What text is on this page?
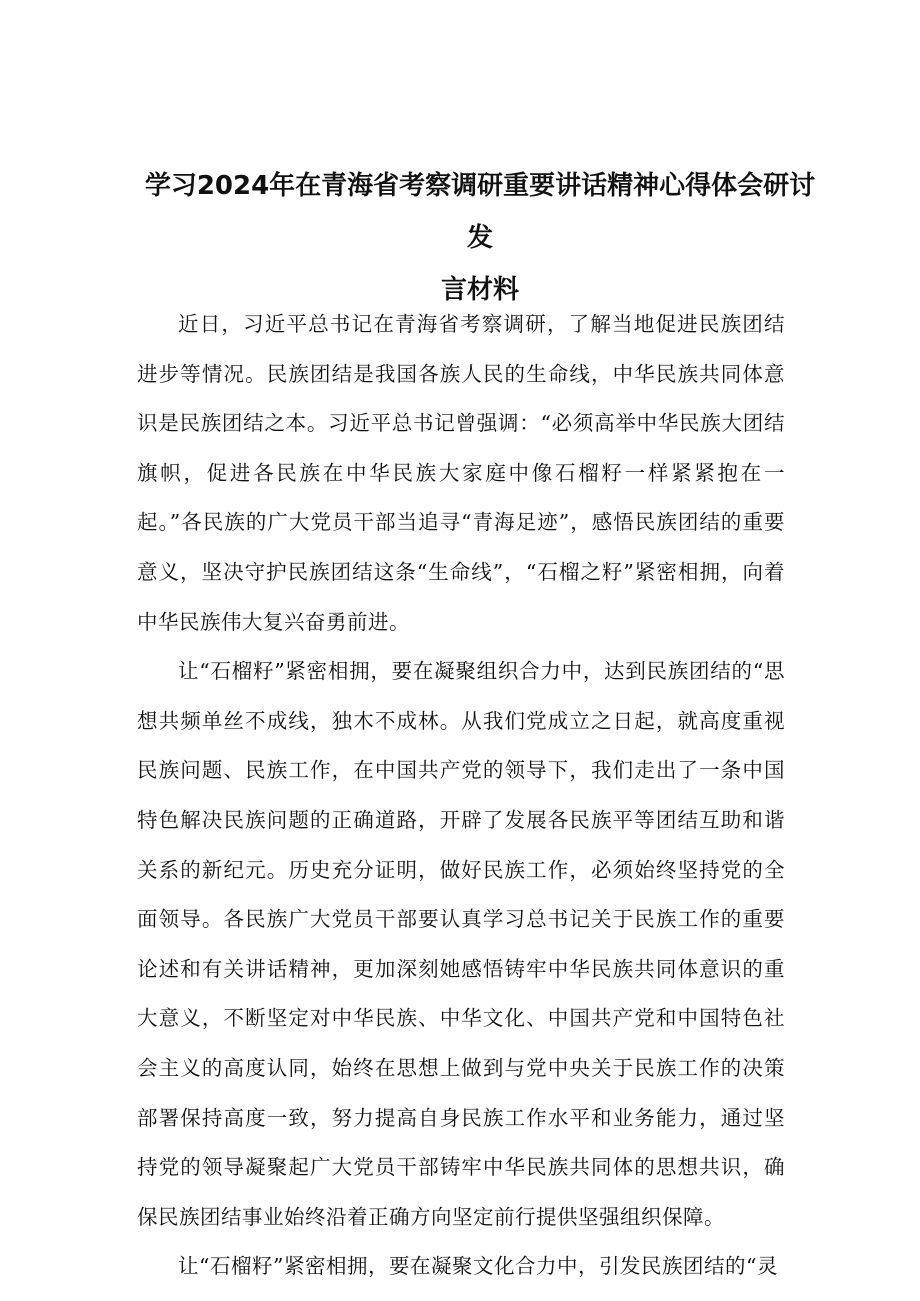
学习2024年在青海省考察调研重要讲话精神心得体会研讨发
言材料

近日，习近平总书记在青海省考察调研，了解当地促进民族团结进步等情况。民族团结是我国各族人民的生命线，中华民族共同体意识是民族团结之本。习近平总书记曾强调：“必须高举中华民族大团结旗帜，促进各民族在中华民族大家庭中像石榴籽一样紧紧抱在一起。”各民族的广大党员干部当追寻“青海足迹”，感悟民族团结的重要意义，坚决守护民族团结这条“生命线”，“石榴之籽”紧密相拥，向着中华民族伟大复兴奋勇前进。

让“石榴籽”紧密相拥，要在凝聚组织合力中，达到民族团结的“思想共频单丝不成线，独木不成林。从我们党成立之日起，就高度重视民族问题、民族工作，在中国共产党的领导下，我们走出了一条中国特色解决民族问题的正确道路，开辟了发展各民族平等团结互助和谐关系的新纪元。历史充分证明，做好民族工作，必须始终坚持党的全面领导。各民族广大党员干部要认真学习总书记关于民族工作的重要论述和有关讲话精神，更加深刻她感悟铸牢中华民族共同体意识的重大意义，不断坚定对中华民族、中华文化、中国共产党和中国特色社会主义的高度认同，始终在思想上做到与党中央关于民族工作的决策部署保持高度一致，努力提高自身民族工作水平和业务能力，通过坚持党的领导凝聚起广大党员干部铸牢中华民族共同体的思想共识，确保民族团结事业始终沿着正确方向坚定前行提供坚强组织保障。

让“石榴籽”紧密相拥，要在凝聚文化合力中，引发民族团结的“灵
